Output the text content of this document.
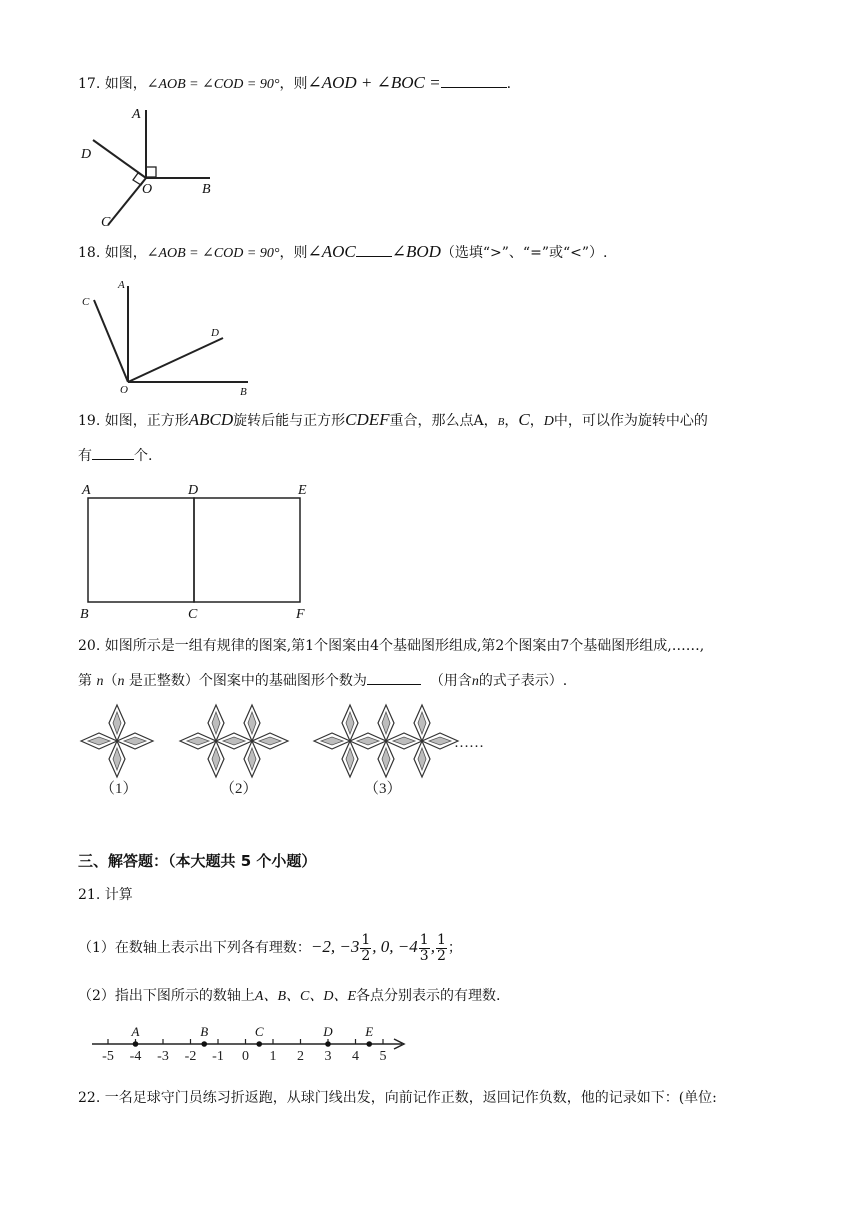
17. 如图，∠AOB = ∠COD = 90°，则∠AOD + ∠BOC =	.
A
D
O	B
C
18. 如图，∠AOB = ∠COD = 90°，则∠AOC ∠BOD（选填“>”、“=”或“<”）.
A
C
D
O	B
19. 如图，正方形ABCD旋转后能与正方形CDEF重合，那么点A，B，C，D中，可以作为旋转中心的
有	个.
A	D	E
B	C	F
20. 如图所示是一组有规律的图案,第1个图案由4个基础图形组成,第2个图案由7个基础图形组成,……,
第 n（n 是正整数）个图案中的基础图形个数为	（用含n的式子表示）.
（1）	（2）	（3）
……
三、解答题：（本大题共 5 个小题）
21. 计算
（1）在数轴上表示出下列各有理数：−2, $-3 \frac{1}{2}$ , 0, $-4 \frac{1}{3}$ , $\frac{1}{2}$ ；
（2）指出下图所示的数轴上A、B、C、D、E各点分别表示的有理数.
-5 -4 -3 -2 -1 0 1 2 3 4 5
A	B	C	D	E
22. 一名足球守门员练习折返跑，从球门线出发，向前记作正数，返回记作负数，他的记录如下：(单位:
